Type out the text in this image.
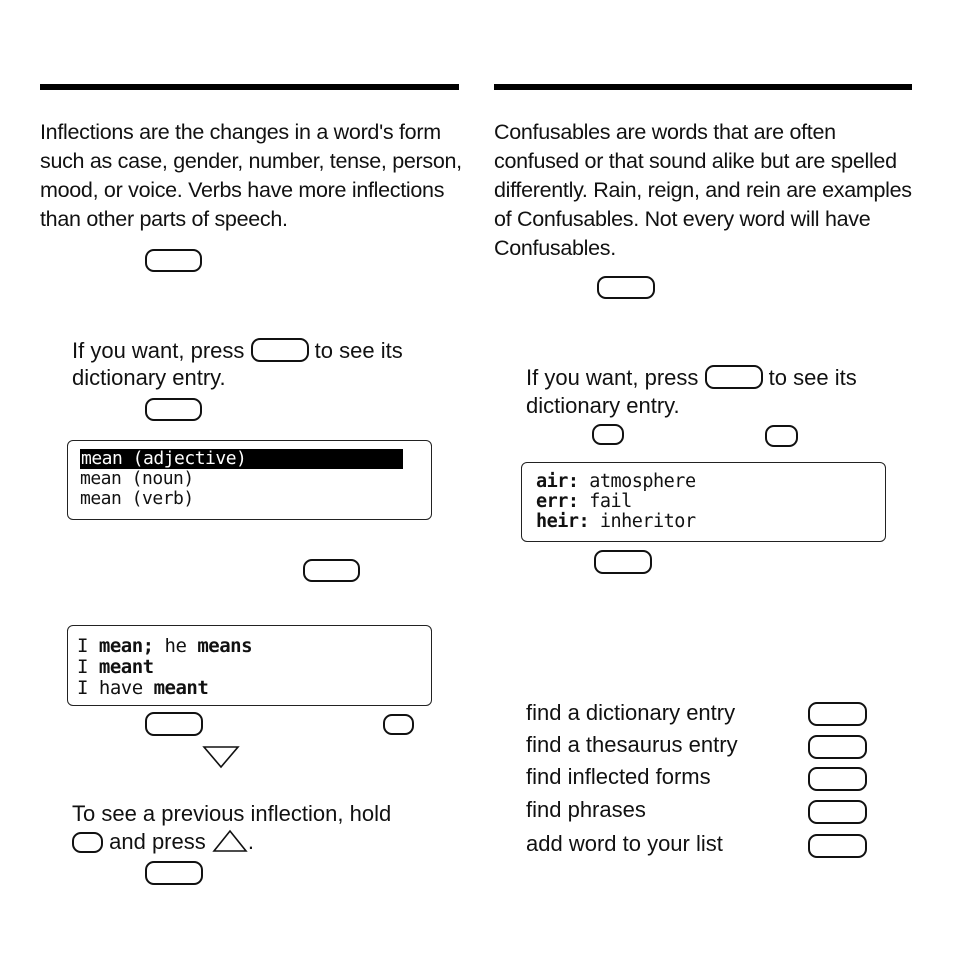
Inflections are the changes in a word's form such as case, gender, number, tense, person, mood, or voice. Verbs have more inflections than other parts of speech.

If you want, press	to see its
dictionary entry.
mean (adjective)
mean (noun)
mean (verb)
I mean; he means
I meant
I have meant
To see a previous inflection, hold
and press .

Confusables are words that are often confused or that sound alike but are spelled differently. Rain, reign, and rein are examples of Confusables. Not every word will have Confusables.

If you want, press	to see its
dictionary entry.
air: atmosphere
err: fail
heir: inheritor
find a dictionary entry
find a thesaurus entry
find inflected forms
find phrases
add word to your list
